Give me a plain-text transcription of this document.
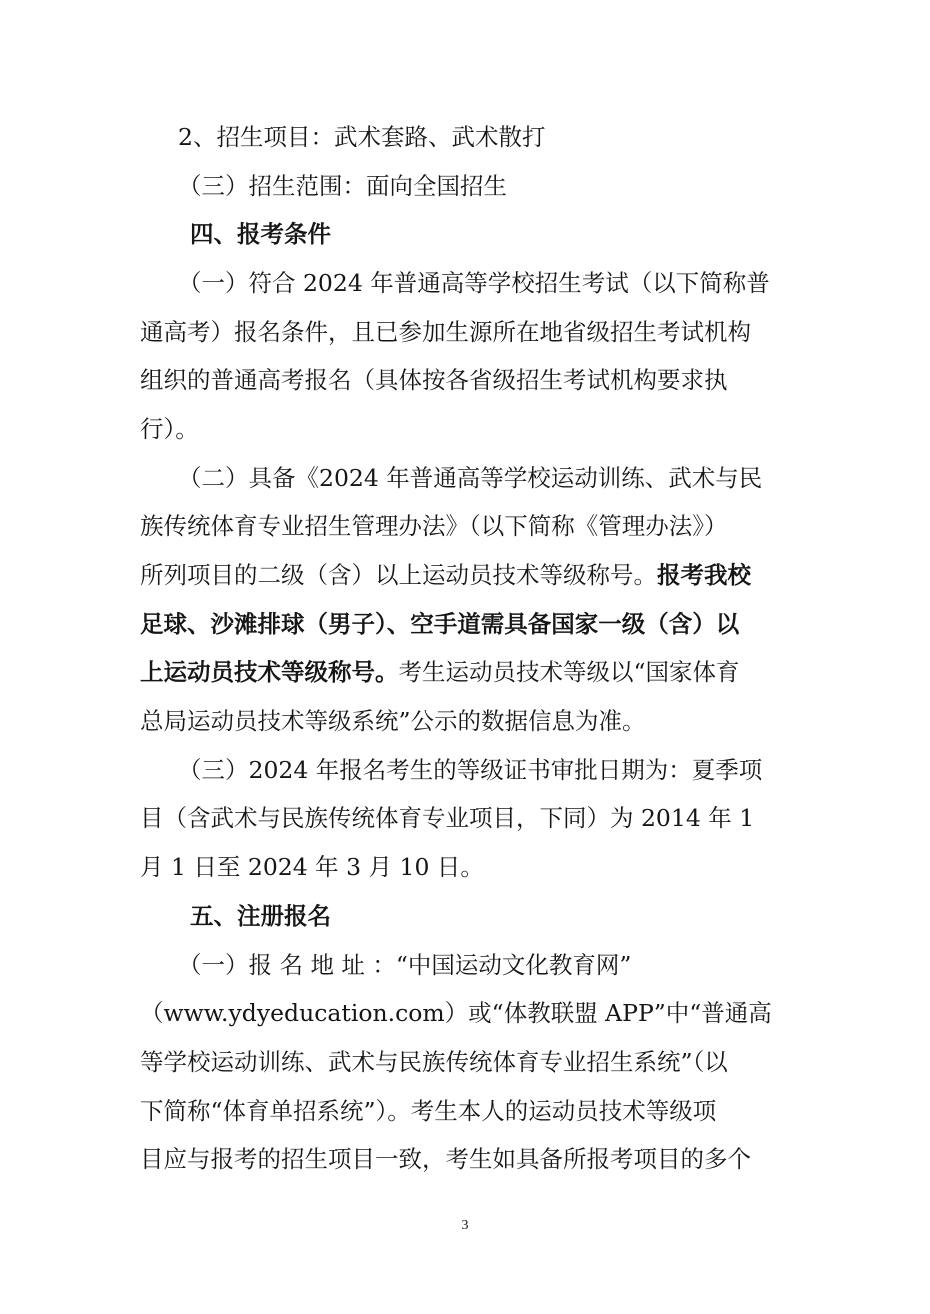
2、招生项目：武术套路、武术散打
（三）招生范围：面向全国招生
四、报考条件
（一）符合 2024 年普通高等学校招生考试（以下简称普
通高考）报名条件，且已参加生源所在地省级招生考试机构
组织的普通高考报名（具体按各省级招生考试机构要求执
行）。
（二）具备《2024 年普通高等学校运动训练、武术与民
族传统体育专业招生管理办法》（以下简称《管理办法》）
所列项目的二级（含）以上运动员技术等级称号。报考我校
足球、沙滩排球（男子）、空手道需具备国家一级（含）以
上运动员技术等级称号。考生运动员技术等级以“国家体育
总局运动员技术等级系统”公示的数据信息为准。
（三）2024 年报名考生的等级证书审批日期为：夏季项
目（含武术与民族传统体育专业项目，下同）为 2014 年 1
月 1 日至 2024 年 3 月 10 日。
五、注册报名
（一）报 名 地 址 ：“中国运动文化教育网”
（www.ydyeducation.com）或“体教联盟 APP”中“普通高
等学校运动训练、武术与民族传统体育专业招生系统”（以
下简称“体育单招系统”）。考生本人的运动员技术等级项
目应与报考的招生项目一致，考生如具备所报考项目的多个
3
